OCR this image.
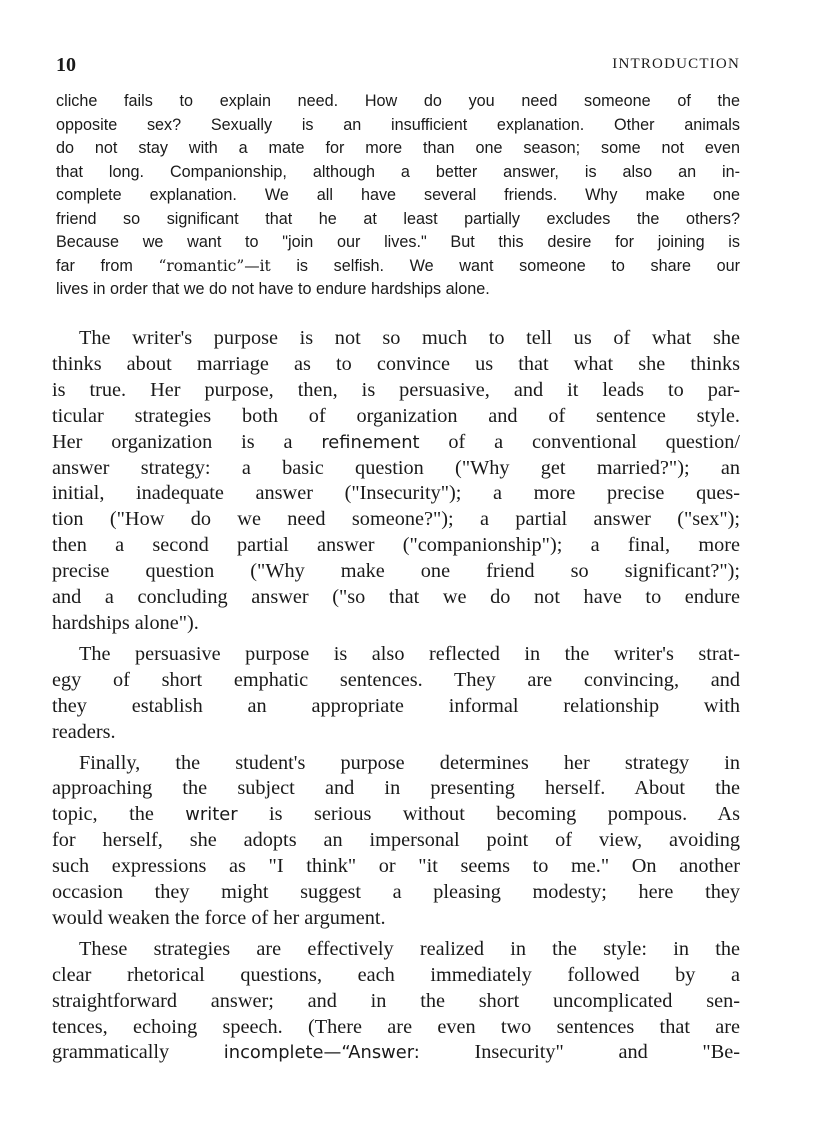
10	INTRODUCTION
cliche fails to explain need. How do you need someone of the
opposite sex? Sexually is an insufficient explanation. Other animals
do not stay with a mate for more than one season; some not even
that long. Companionship, although a better answer, is also an in-
complete explanation. We all have several friends. Why make one
friend so significant that he at least partially excludes the others?
Because we want to "join our lives." But this desire for joining is
far from “romantic”—it is selfish. We want someone to share our
lives in order that we do not have to endure hardships alone.
The writer's purpose is not so much to tell us of what she
thinks about marriage as to convince us that what she thinks
is true. Her purpose, then, is persuasive, and it leads to par-
ticular strategies both of organization and of sentence style.
Her organization is a refinement of a conventional question/
answer strategy: a basic question ("Why get married?"); an
initial, inadequate answer ("Insecurity"); a more precise ques-
tion ("How do we need someone?"); a partial answer ("sex");
then a second partial answer ("companionship"); a final, more
precise question ("Why make one friend so significant?");
and a concluding answer ("so that we do not have to endure
hardships alone").
The persuasive purpose is also reflected in the writer's strat-
egy of short emphatic sentences. They are convincing, and
they establish an appropriate informal relationship with
readers.
Finally, the student's purpose determines her strategy in
approaching the subject and in presenting herself. About the
topic, the writer is serious without becoming pompous. As
for herself, she adopts an impersonal point of view, avoiding
such expressions as "I think" or "it seems to me." On another
occasion they might suggest a pleasing modesty; here they
would weaken the force of her argument.
These strategies are effectively realized in the style: in the
clear rhetorical questions, each immediately followed by a
straightforward answer; and in the short uncomplicated sen-
tences, echoing speech. (There are even two sentences that are
grammatically incomplete—“Answer: Insecurity" and "Be-
